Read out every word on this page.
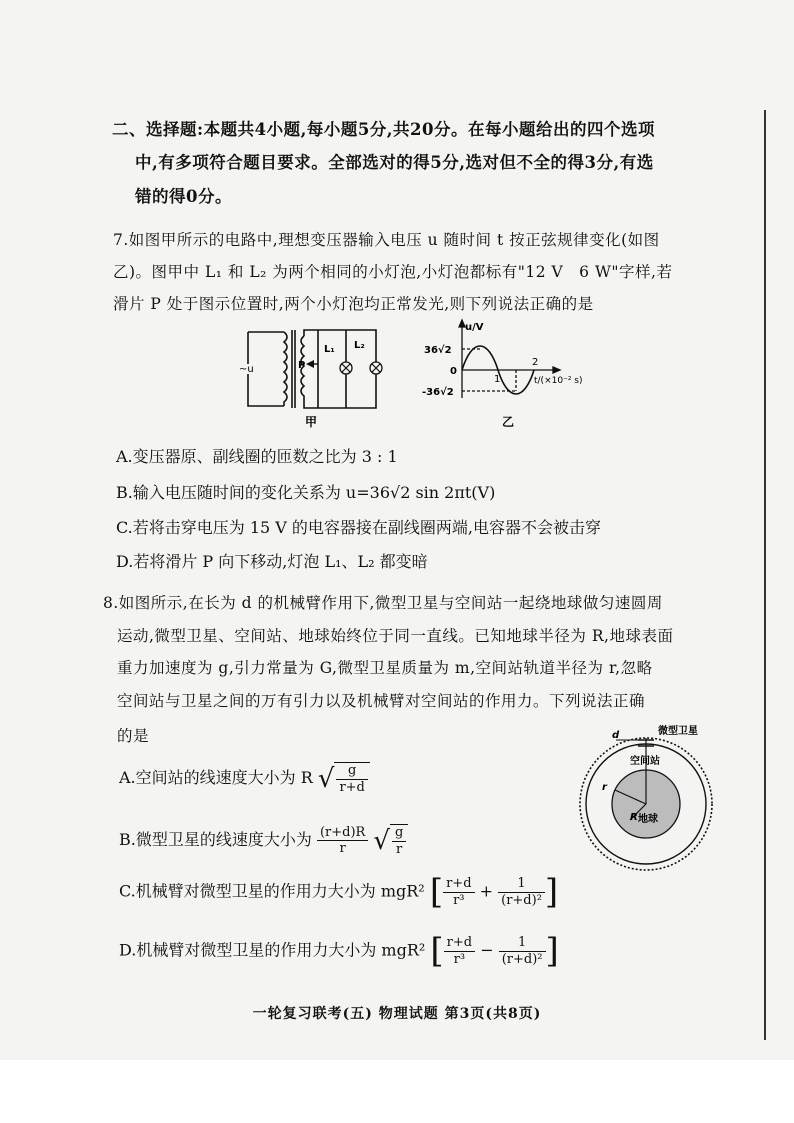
二、选择题:本题共4小题,每小题5分,共20分。在每小题给出的四个选项
中,有多项符合题目要求。全部选对的得5分,选对但不全的得3分,有选
错的得0分。
7.如图甲所示的电路中,理想变压器输入电压 u 随时间 t 按正弦规律变化(如图
乙)。图甲中 L₁ 和 L₂ 为两个相同的小灯泡,小灯泡都标有"12 V　6 W"字样,若
滑片 P 处于图示位置时,两个小灯泡均正常发光,则下列说法正确的是
~u	P
L₁ L₂
甲
u/V
36√2
0
-36√2
1
2
t/(×10⁻² s)
乙
A.变压器原、副线圈的匝数之比为 3 : 1
B.输入电压随时间的变化关系为 u=36√2 sin 2πt(V)
C.若将击穿电压为 15 V 的电容器接在副线圈两端,电容器不会被击穿
D.若将滑片 P 向下移动,灯泡 L₁、L₂ 都变暗
8.如图所示,在长为 d 的机械臂作用下,微型卫星与空间站一起绕地球做匀速圆周
运动,微型卫星、空间站、地球始终位于同一直线。已知地球半径为 R,地球表面
重力加速度为 g,引力常量为 G,微型卫星质量为 m,空间站轨道半径为 r,忽略
空间站与卫星之间的万有引力以及机械臂对空间站的作用力。下列说法正确
的是	d	微型卫星
空间站
r
R 地球
A.空间站的线速度大小为 R √ $\frac{g}{r+d}$
B.微型卫星的线速度大小为 $\frac{(r+d)R}{r}$ √ $\frac{g}{r}$
C.机械臂对微型卫星的作用力大小为 mgR² [ $\frac{r+d}{\text{r³}} + \frac{1}{\text{(r+d)²}}$ ]
D.机械臂对微型卫星的作用力大小为 mgR² [ $\frac{r+d}{\text{r³}} - \frac{1}{\text{(r+d)²}}$ ]
一轮复习联考(五) 物理试题 第3页(共8页)
